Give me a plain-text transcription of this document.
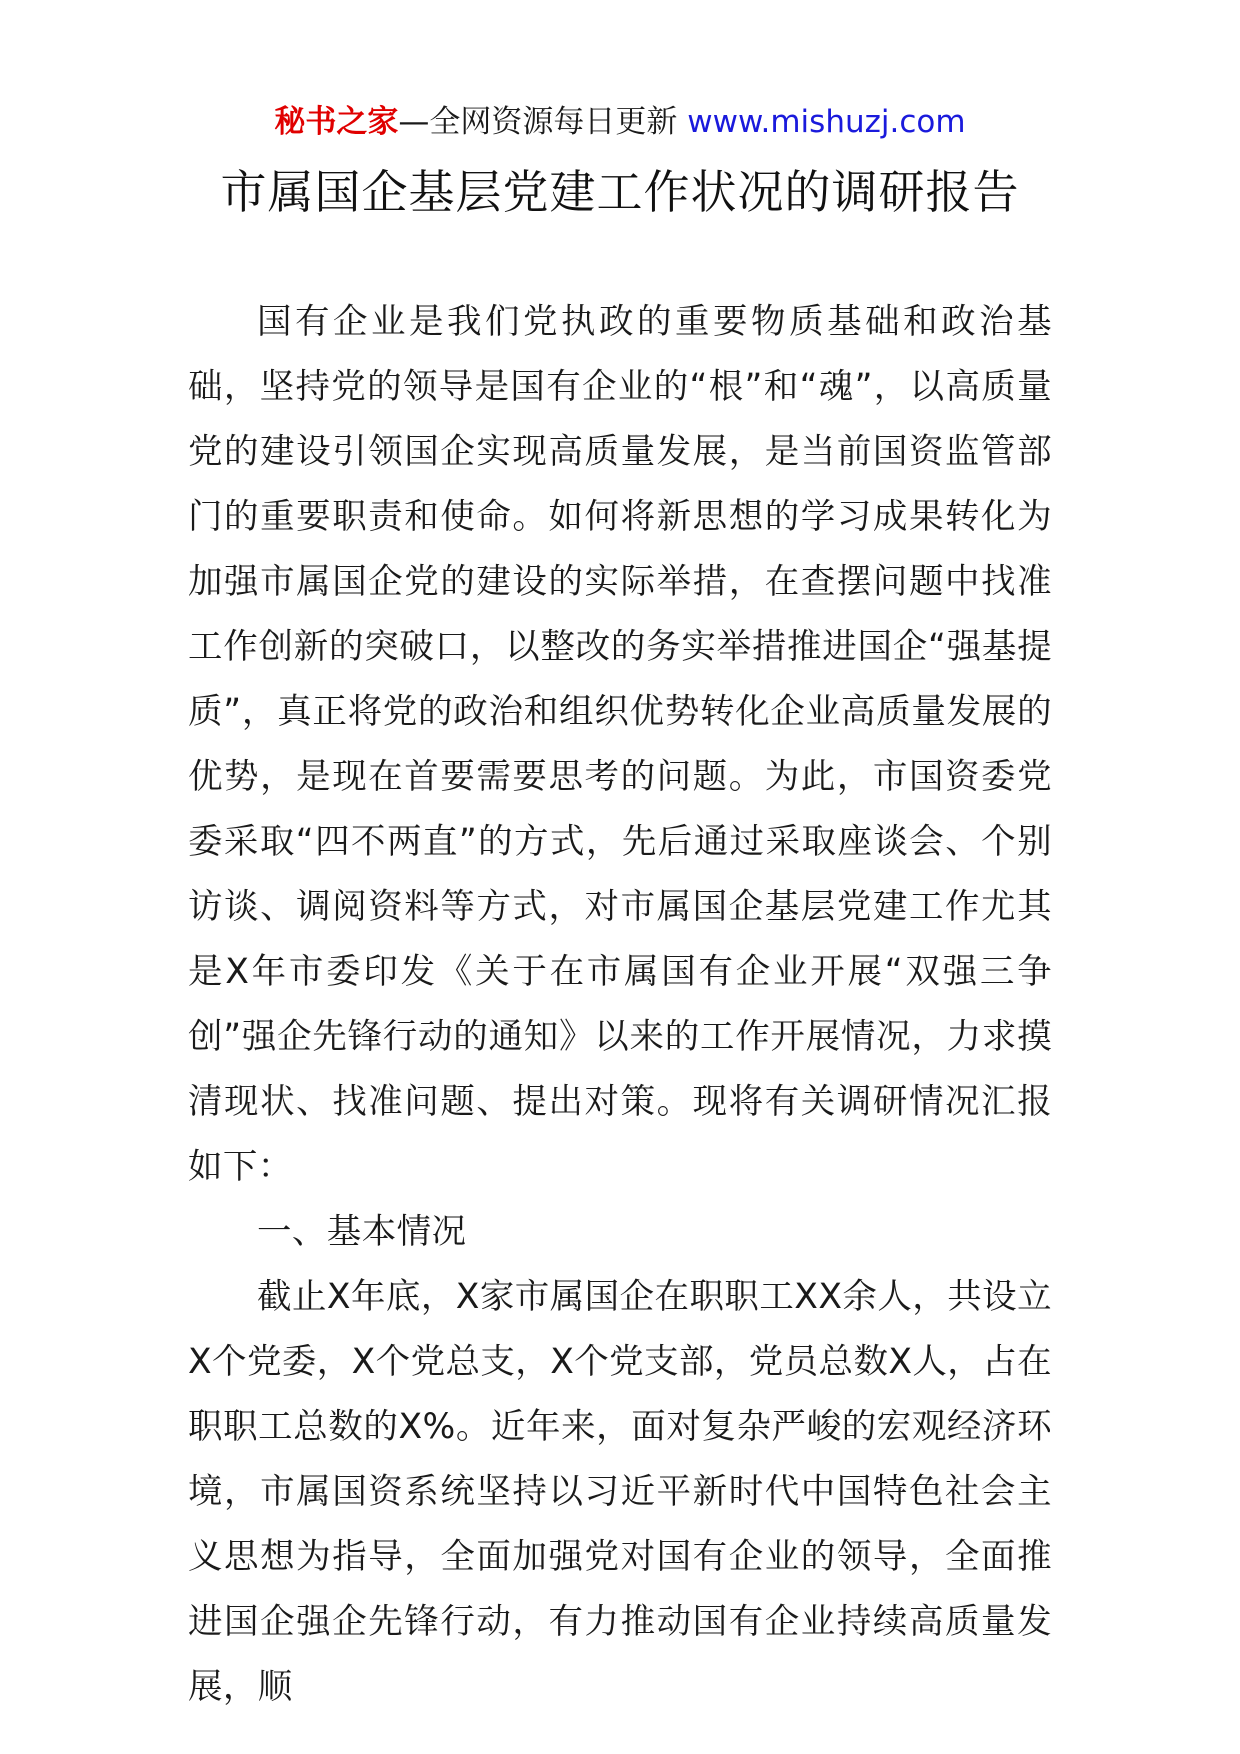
秘书之家—全网资源每日更新 www.mishuzj.com
市属国企基层党建工作状况的调研报告

国有企业是我们党执政的重要物质基础和政治基础，坚持党的领导是国有企业的“根”和“魂”，以高质量党的建设引领国企实现高质量发展，是当前国资监管部门的重要职责和使命。如何将新思想的学习成果转化为加强市属国企党的建设的实际举措，在查摆问题中找准工作创新的突破口，以整改的务实举措推进国企“强基提质”，真正将党的政治和组织优势转化企业高质量发展的优势，是现在首要需要思考的问题。为此，市国资委党委采取“四不两直”的方式，先后通过采取座谈会、个别访谈、调阅资料等方式，对市属国企基层党建工作尤其是X年市委印发《关于在市属国有企业开展“双强三争创”强企先锋行动的通知》以来的工作开展情况，力求摸清现状、找准问题、提出对策。现将有关调研情况汇报如下：

一、基本情况

截止X年底，X家市属国企在职职工XX余人，共设立X个党委，X个党总支，X个党支部，党员总数X人，占在职职工总数的X%。近年来，面对复杂严峻的宏观经济环境，市属国资系统坚持以习近平新时代中国特色社会主义思想为指导，全面加强党对国有企业的领导，全面推进国企强企先锋行动，有力推动国有企业持续高质量发展，顺
